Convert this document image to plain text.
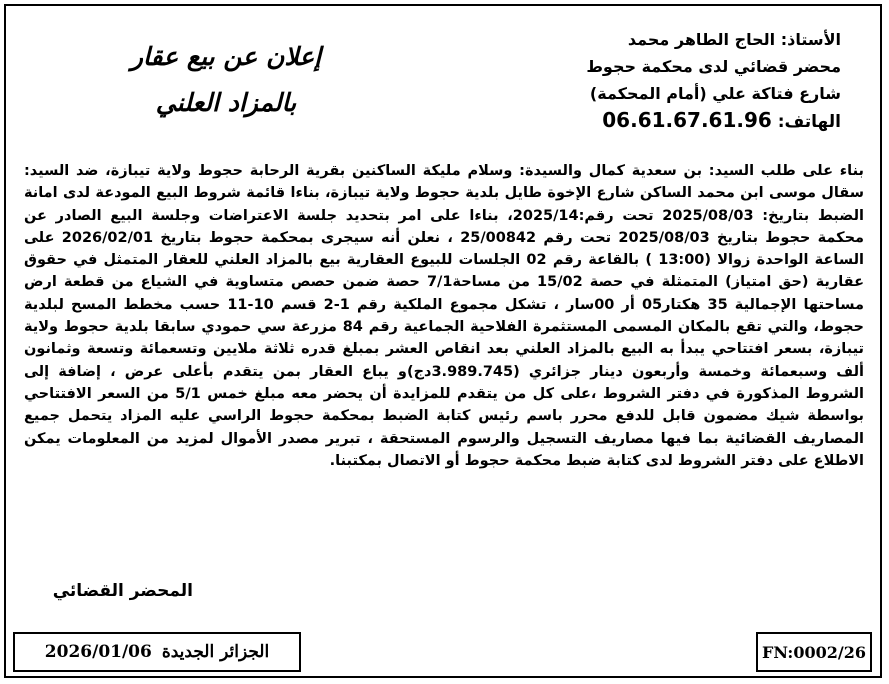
الأستاذ: الحاج الطاهر محمد
محضر قضائي لدى محكمة حجوط
شارع فتاكة علي (أمام المحكمة)
الهاتف: 06.61.67.61.96
إعلان عن بيع عقار
بالمزاد العلني
بناء على طلب السيد: بن سعدية كمال والسيدة: وسلام مليكة الساكنين بقرية الرحابة حجوط ولاية تيبازة، ضد السيد: سقال موسى ابن محمد الساكن شارع الإخوة طايل بلدية حجوط ولاية تيبازة، بناءا قائمة شروط البيع المودعة لدى امانة الضبط بتاريخ: 2025/08/03 تحت رقم:2025/14، بناءا على امر بتحديد جلسة الاعتراضات وجلسة البيع الصادر عن محكمة حجوط بتاريخ 2025/08/03 تحت رقم 25/00842 ، نعلن أنه سيجرى بمحكمة حجوط بتاريخ 2026/02/01 على الساعة الواحدة زوالا (13:00 ) بالقاعة رقم 02 الجلسات للبيوع العقارية بيع بالمزاد العلني للعقار المتمثل في حقوق عقارية (حق امتياز) المتمثلة في حصة 15/02 من مساحة7/1 حصة ضمن حصص متساوية في الشياع من قطعة ارض مساحتها الإجمالية 35 هكتار05 أر 00سار ، تشكل مجموع الملكية رقم 1-2 قسم 10-11 حسب مخطط المسح لبلدية حجوط، والتي تقع بالمكان المسمى المستثمرة الفلاحية الجماعية رقم 84 مزرعة سي حمودي سابقا بلدية حجوط ولاية تيبازة، بسعر افتتاحي يبدأ به البيع بالمزاد العلني بعد انقاص العشر بمبلغ قدره ثلاثة ملايين وتسعمائة وتسعة وثمانون ألف وسبعمائة وخمسة وأربعون دينار جزائري (3.989.745دج)و يباع العقار بمن يتقدم بأعلى عرض ، إضافة إلى الشروط المذكورة في دفتر الشروط ،على كل من يتقدم للمزايدة أن يحضر معه مبلغ خمس 5/1 من السعر الافتتاحي بواسطة شيك مضمون قابل للدفع محرر باسم رئيس كتابة الضبط بمحكمة حجوط الراسي عليه المزاد يتحمل جميع المصاريف القضائية بما فيها مصاريف التسجيل والرسوم المستحقة ، تبرير مصدر الأموال لمزيد من المعلومات يمكن الاطلاع على دفتر الشروط لدى كتابة ضبط محكمة حجوط أو الاتصال بمكتبنا.
المحضر القضائي
الجزائر الجديدة
2026/01/06	FN:0002/26
